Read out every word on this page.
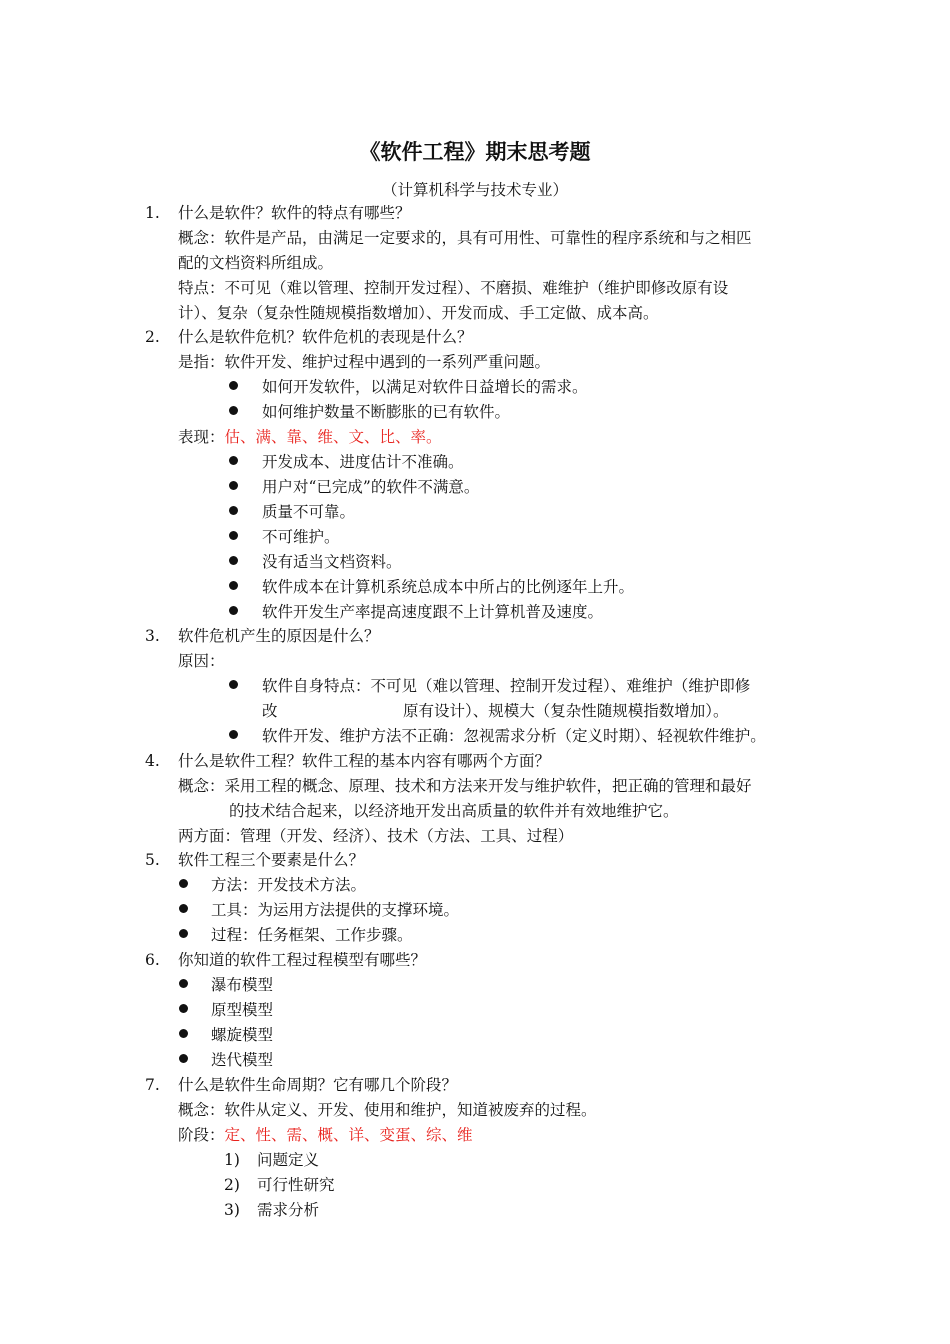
《软件工程》期末思考题
（计算机科学与技术专业）
1. 什么是软件？软件的特点有哪些？
概念：软件是产品，由满足一定要求的，具有可用性、可靠性的程序系统和与之相匹
配的文档资料所组成。
特点：不可见（难以管理、控制开发过程）、不磨损、难维护（维护即修改原有设
计）、复杂（复杂性随规模指数增加）、开发而成、手工定做、成本高。
2. 什么是软件危机？软件危机的表现是什么？
是指：软件开发、维护过程中遇到的一系列严重问题。
如何开发软件，以满足对软件日益增长的需求。
如何维护数量不断膨胀的已有软件。
表现：估、满、靠、维、文、比、率。
开发成本、进度估计不准确。
用户对“已完成”的软件不满意。
质量不可靠。
不可维护。
没有适当文档资料。
软件成本在计算机系统总成本中所占的比例逐年上升。
软件开发生产率提高速度跟不上计算机普及速度。
3. 软件危机产生的原因是什么？
原因：
软件自身特点：不可见（难以管理、控制开发过程）、难维护（维护即修
改	原有设计）、规模大（复杂性随规模指数增加）。
软件开发、维护方法不正确：忽视需求分析（定义时期）、轻视软件维护。
4. 什么是软件工程？软件工程的基本内容有哪两个方面？
概念：采用工程的概念、原理、技术和方法来开发与维护软件，把正确的管理和最好
的技术结合起来，以经济地开发出高质量的软件并有效地维护它。
两方面：管理（开发、经济）、技术（方法、工具、过程）
5. 软件工程三个要素是什么？
方法：开发技术方法。
工具：为运用方法提供的支撑环境。
过程：任务框架、工作步骤。
6. 你知道的软件工程过程模型有哪些？
瀑布模型
原型模型
螺旋模型
迭代模型
7. 什么是软件生命周期？它有哪几个阶段？
概念：软件从定义、开发、使用和维护，知道被废弃的过程。
阶段：定、性、需、概、详、变蛋、综、维
1) 问题定义
2) 可行性研究
3) 需求分析
